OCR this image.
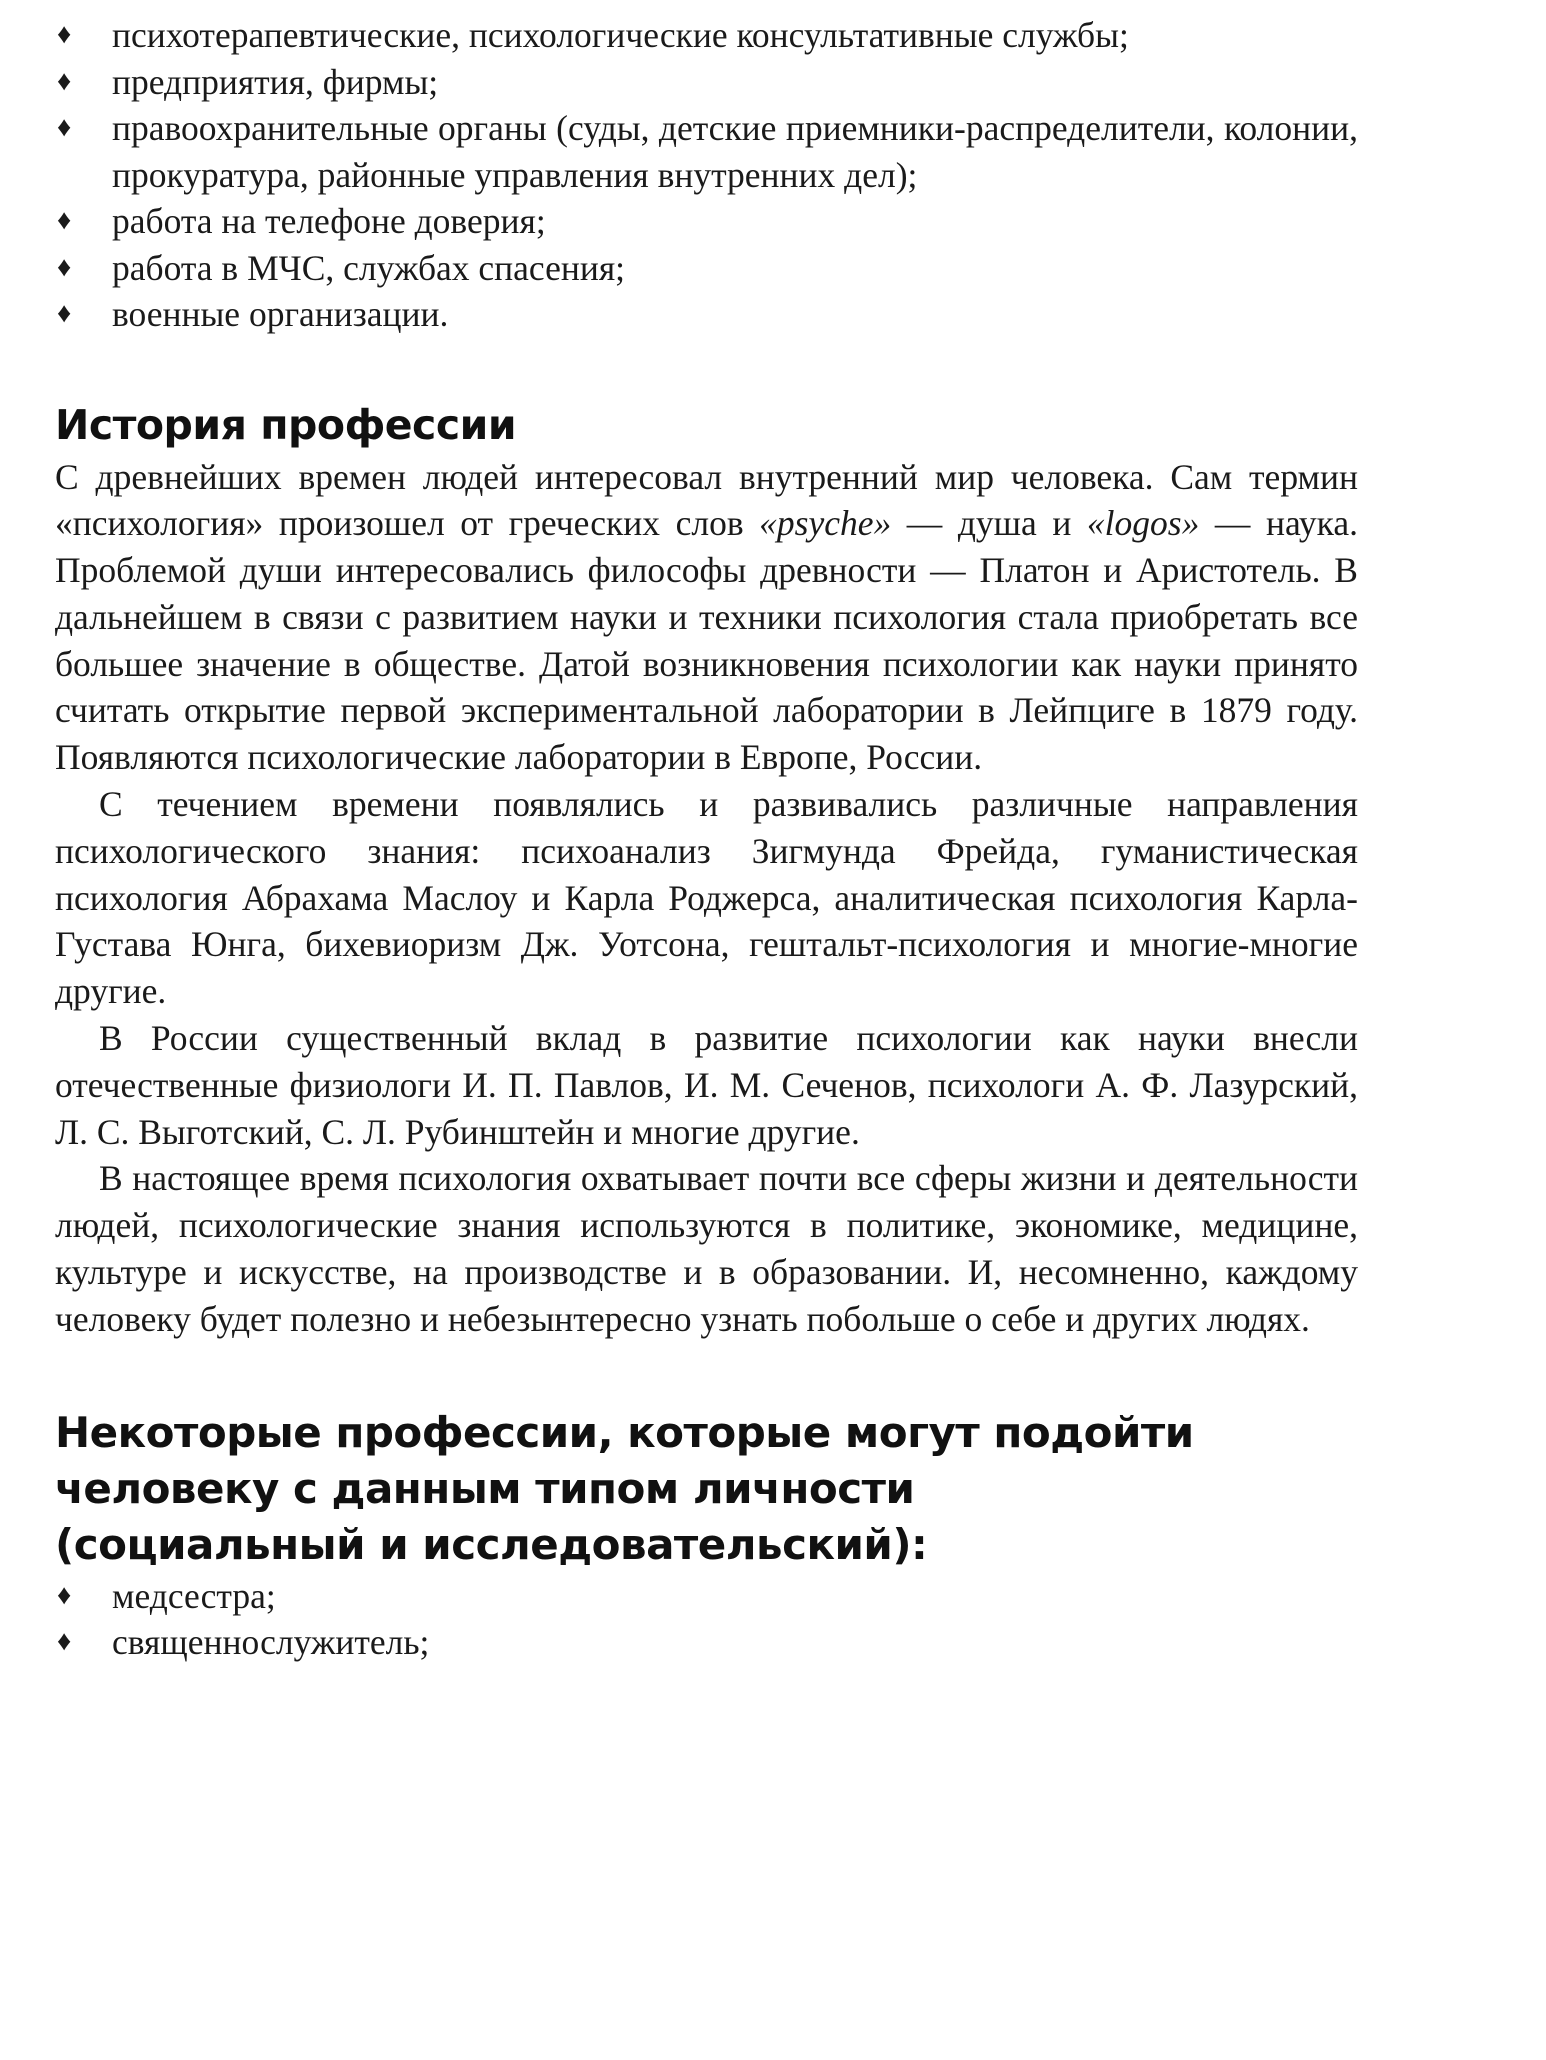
♦ психотерапевтические, психологические консультативные службы;
♦ предприятия, фирмы;
♦ правоохранительные органы (суды, детские приемники-распределители, колонии, прокуратура, районные управления внутренних дел);
♦ работа на телефоне доверия;
♦ работа в МЧС, службах спасения;
♦ военные организации.
История профессии

С древнейших времен людей интересовал внутренний мир человека. Сам термин «психология» произошел от греческих слов «psyche» — душа и «logos» — наука. Проблемой души интересовались философы древности — Платон и Аристотель. В дальнейшем в связи с развитием науки и техники психология стала приобретать все большее значение в обществе. Датой возникновения психологии как науки принято считать открытие первой экспериментальной лаборатории в Лейпциге в 1879 году. Появляются психологические лаборатории в Европе, России.

С течением времени появлялись и развивались различные направления психологического знания: психоанализ Зигмунда Фрейда, гуманистическая психология Абрахама Маслоу и Карла Роджерса, аналитическая психология Карла-Густава Юнга, бихевиоризм Дж. Уотсона, гештальт-психология и многие-многие другие.

В России существенный вклад в развитие психологии как науки внесли отечественные физиологи И. П. Павлов, И. М. Сеченов, психологи А. Ф. Лазурский, Л. С. Выготский, С. Л. Рубинштейн и многие другие.

В настоящее время психология охватывает почти все сферы жизни и деятельности людей, психологические знания используются в политике, экономике, медицине, культуре и искусстве, на производстве и в образовании. И, несомненно, каждому человеку будет полезно и небезынтересно узнать побольше о себе и других людях.

Некоторые профессии, которые могут подойти
человеку с данным типом личности
(социальный и исследовательский):
♦ медсестра;
♦ священнослужитель;
